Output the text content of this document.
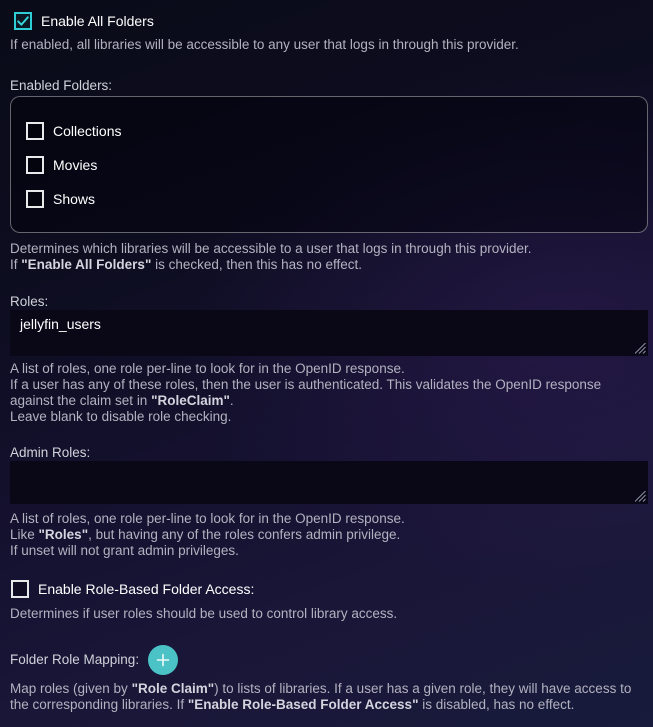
Enable All Folders
If enabled, all libraries will be accessible to any user that logs in through this provider.
Enabled Folders:
Collections
Movies
Shows
Determines which libraries will be accessible to a user that logs in through this provider.
If "Enable All Folders" is checked, then this has no effect.
Roles:
jellyfin_users
A list of roles, one role per-line to look for in the OpenID response.
If a user has any of these roles, then the user is authenticated. This validates the OpenID response against the claim set in "RoleClaim".
Leave blank to disable role checking.
Admin Roles:
A list of roles, one role per-line to look for in the OpenID response.
Like "Roles", but having any of the roles confers admin privilege.
If unset will not grant admin privileges.
Enable Role-Based Folder Access:
Determines if user roles should be used to control library access.
Folder Role Mapping:
Map roles (given by "Role Claim") to lists of libraries. If a user has a given role, they will have access to the corresponding libraries. If "Enable Role-Based Folder Access" is disabled, has no effect.
